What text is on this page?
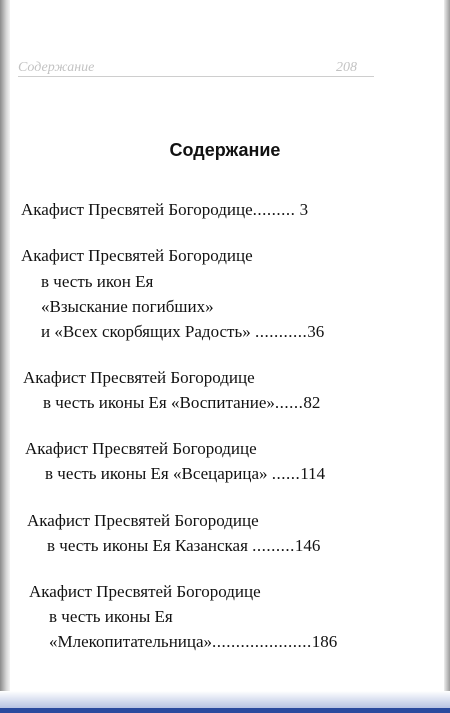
Содержание	208
Содержание
Акафист Пресвятей Богородице......... 3
Акафист Пресвятей Богородице
в честь икон Ея
«Взыскание погибших»
и «Всех скорбящих Радость» ...........36
Акафист Пресвятей Богородице
в честь иконы Ея «Воспитание»......82
Акафист Пресвятей Богородице
в честь иконы Ея «Всецарица» ......114
Акафист Пресвятей Богородице
в честь иконы Ея Казанская .........146
Акафист Пресвятей Богородице
в честь иконы Ея
«Млекопитательница».....................186
